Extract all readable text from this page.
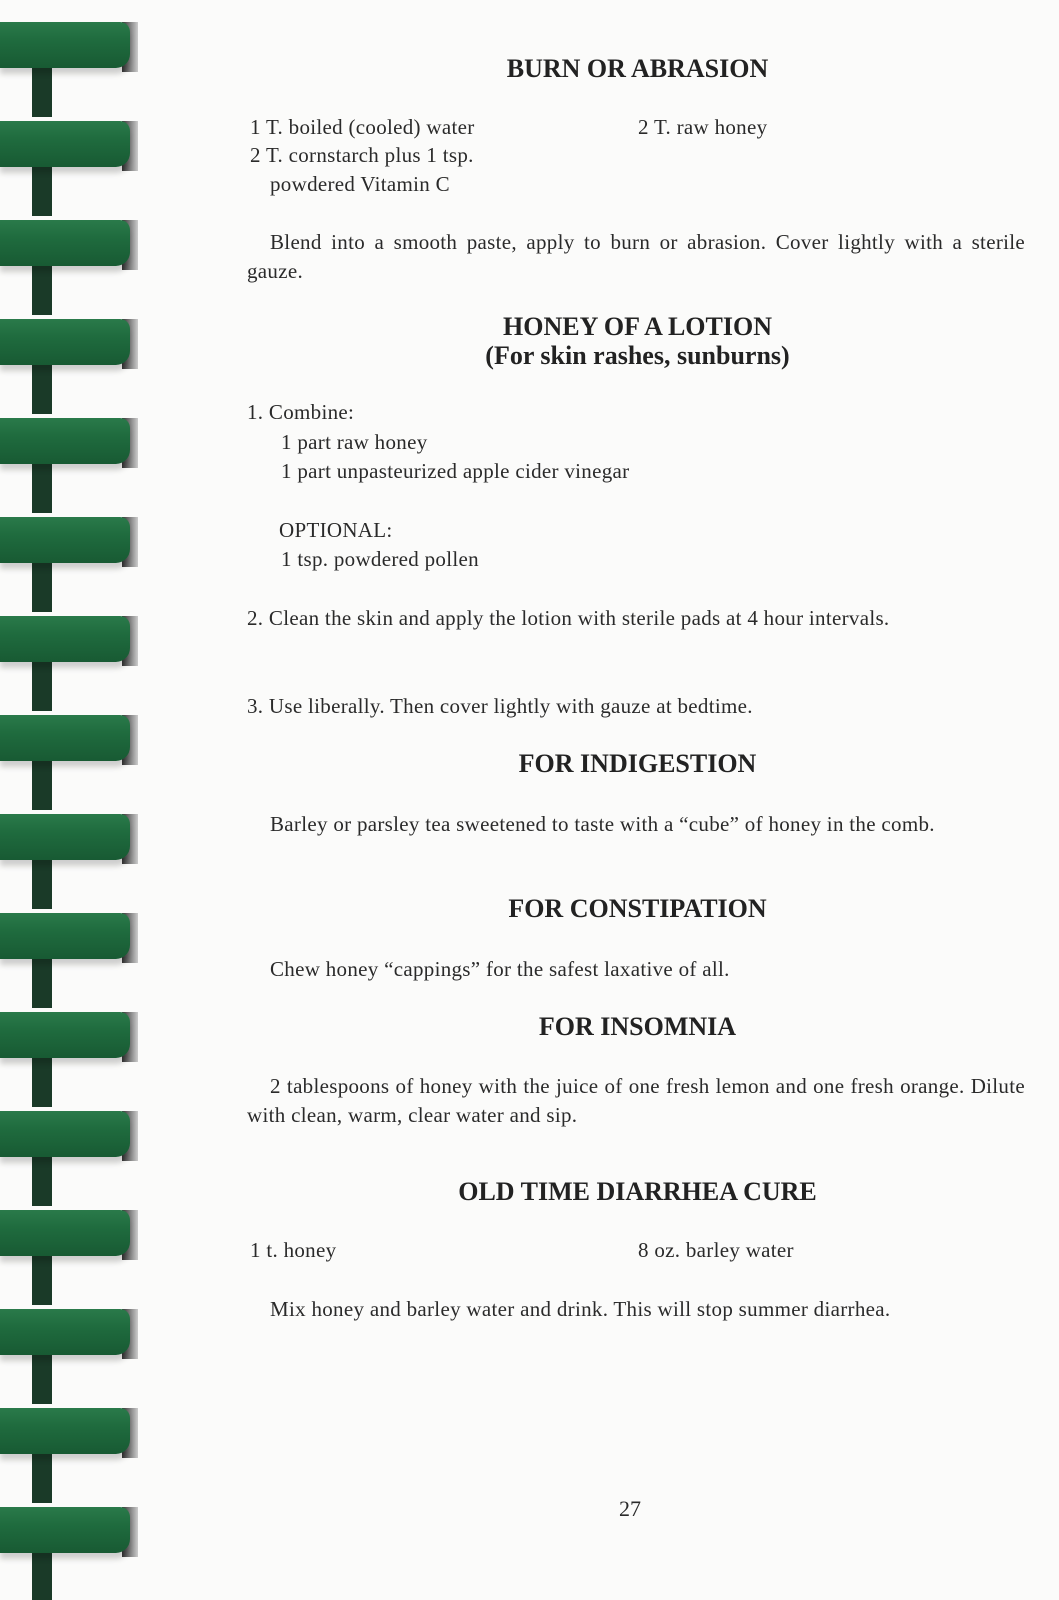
BURN OR ABRASION
1 T. boiled (cooled) water
2 T. cornstarch plus 1 tsp.
powdered Vitamin C
2 T. raw honey
Blend into a smooth paste, apply to burn or abrasion. Cover lightly with a sterile gauze.
HONEY OF A LOTION
(For skin rashes, sunburns)
1. Combine:
1 part raw honey
1 part unpasteurized apple cider vinegar
OPTIONAL:
1 tsp. powdered pollen
2. Clean the skin and apply the lotion with sterile pads at 4 hour intervals.
3. Use liberally. Then cover lightly with gauze at bedtime.
FOR INDIGESTION
Barley or parsley tea sweetened to taste with a “cube” of honey in the comb.
FOR CONSTIPATION
Chew honey “cappings” for the safest laxative of all.
FOR INSOMNIA
2 tablespoons of honey with the juice of one fresh lemon and one fresh orange. Dilute with clean, warm, clear water and sip.
OLD TIME DIARRHEA CURE
1 t. honey	8 oz. barley water
Mix honey and barley water and drink. This will stop summer diarrhea.
27
